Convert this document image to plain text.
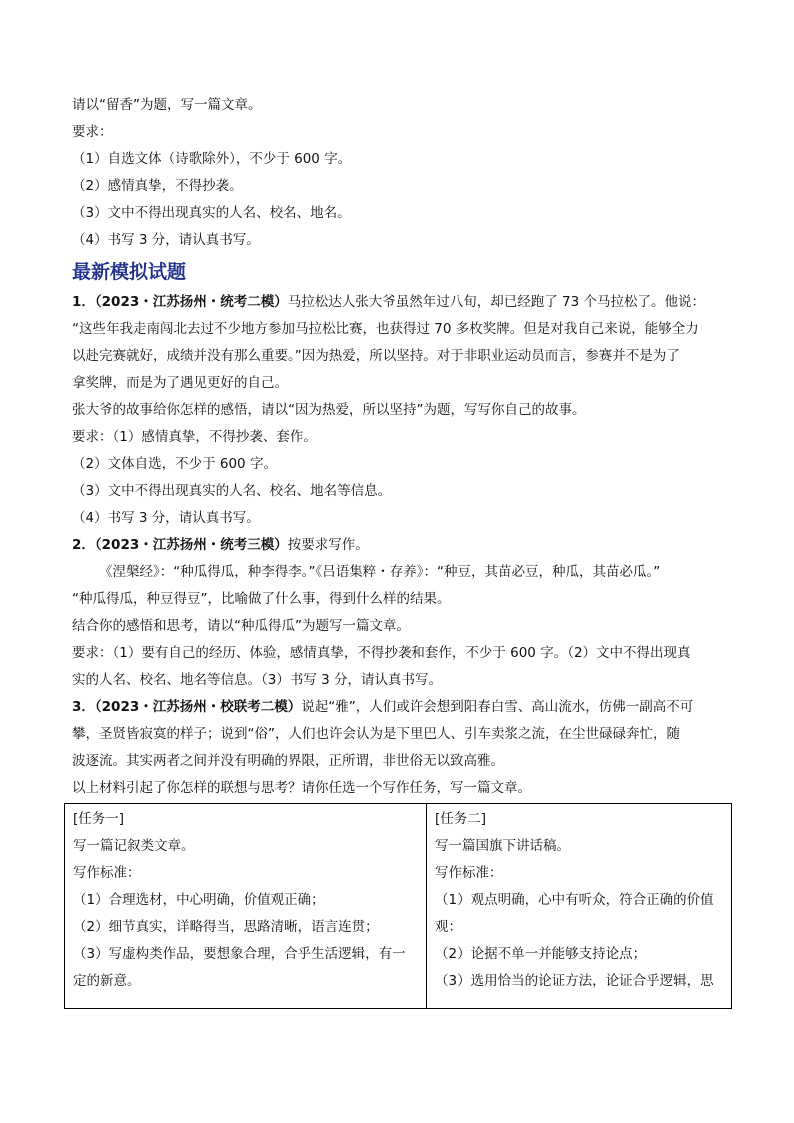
请以“留香”为题，写一篇文章。
要求：
（1）自选文体（诗歌除外），不少于 600 字。
（2）感情真挚，不得抄袭。
（3）文中不得出现真实的人名、校名、地名。
（4）书写 3 分，请认真书写。
最新模拟试题
1．（2023・江苏扬州・统考二模）马拉松达人张大爷虽然年过八旬，却已经跑了 73 个马拉松了。他说：
“这些年我走南闯北去过不少地方参加马拉松比赛，也获得过 70 多枚奖牌。但是对我自己来说，能够全力
以赴完赛就好，成绩并没有那么重要。”因为热爱，所以坚持。对于非职业运动员而言，参赛并不是为了
拿奖牌，而是为了遇见更好的自己。
张大爷的故事给你怎样的感悟，请以“因为热爱，所以坚持”为题，写写你自己的故事。
要求：（1）感情真挚，不得抄袭、套作。
（2）文体自选，不少于 600 字。
（3）文中不得出现真实的人名、校名、地名等信息。
（4）书写 3 分，请认真书写。
2．（2023・江苏扬州・统考三模）按要求写作。
《涅槃经》：“种瓜得瓜，种李得李。”《吕语集粹・存养》：“种豆，其苗必豆，种瓜，其苗必瓜。”
“种瓜得瓜，种豆得豆”，比喻做了什么事，得到什么样的结果。
结合你的感悟和思考，请以“种瓜得瓜”为题写一篇文章。
要求：（1）要有自己的经历、体验，感情真挚，不得抄袭和套作，不少于 600 字。（2）文中不得出现真
实的人名、校名、地名等信息。（3）书写 3 分，请认真书写。
3．（2023・江苏扬州・校联考二模）说起“雅”，人们或许会想到阳春白雪、高山流水，仿佛一副高不可
攀，圣贤皆寂寞的样子；说到“俗”，人们也许会认为是下里巴人、引车卖浆之流，在尘世碌碌奔忙，随
波逐流。其实两者之间并没有明确的界限，正所谓，非世俗无以致高雅。
以上材料引起了你怎样的联想与思考？请你任选一个写作任务，写一篇文章。
[任务一]
写一篇记叙类文章。
写作标准：
（1）合理选材，中心明确，价值观正确；
（2）细节真实，详略得当，思路清晰，语言连贯；
（3）写虚构类作品，要想象合理，合乎生活逻辑，有一
定的新意。

[任务二]
写一篇国旗下讲话稿。
写作标准：
（1）观点明确，心中有听众，符合正确的价值
观：
（2）论据不单一并能够支持论点；
（3）选用恰当的论证方法，论证合乎逻辑，思
